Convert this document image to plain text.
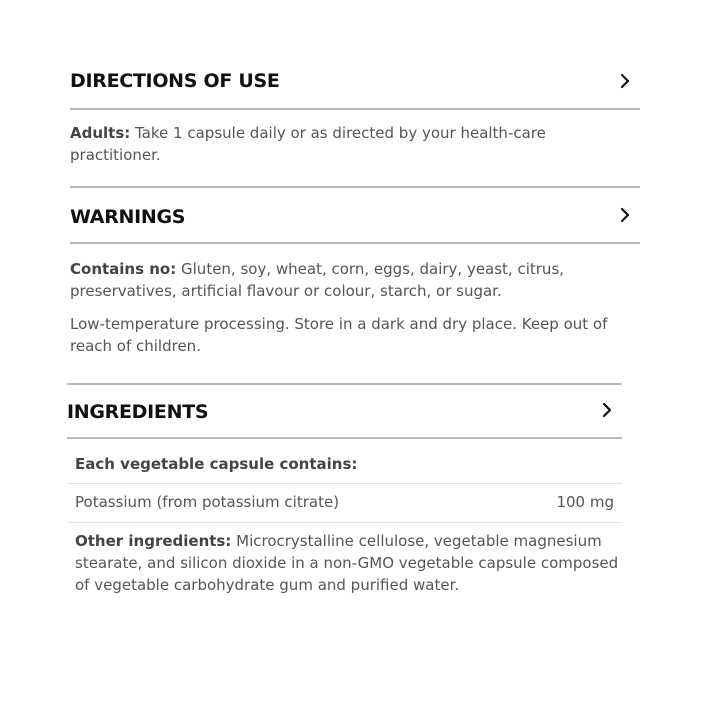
DIRECTIONS OF USE

Adults: Take 1 capsule daily or as directed by your health-care practitioner.

WARNINGS

Contains no: Gluten, soy, wheat, corn, eggs, dairy, yeast, citrus, preservatives, artificial flavour or colour, starch, or sugar.

Low-temperature processing. Store in a dark and dry place. Keep out of reach of children.

INGREDIENTS
Each vegetable capsule contains:
Potassium (from potassium citrate)	100 mg

Other ingredients: Microcrystalline cellulose, vegetable magnesium stearate, and silicon dioxide in a non-GMO vegetable capsule composed of vegetable carbohydrate gum and purified water.
